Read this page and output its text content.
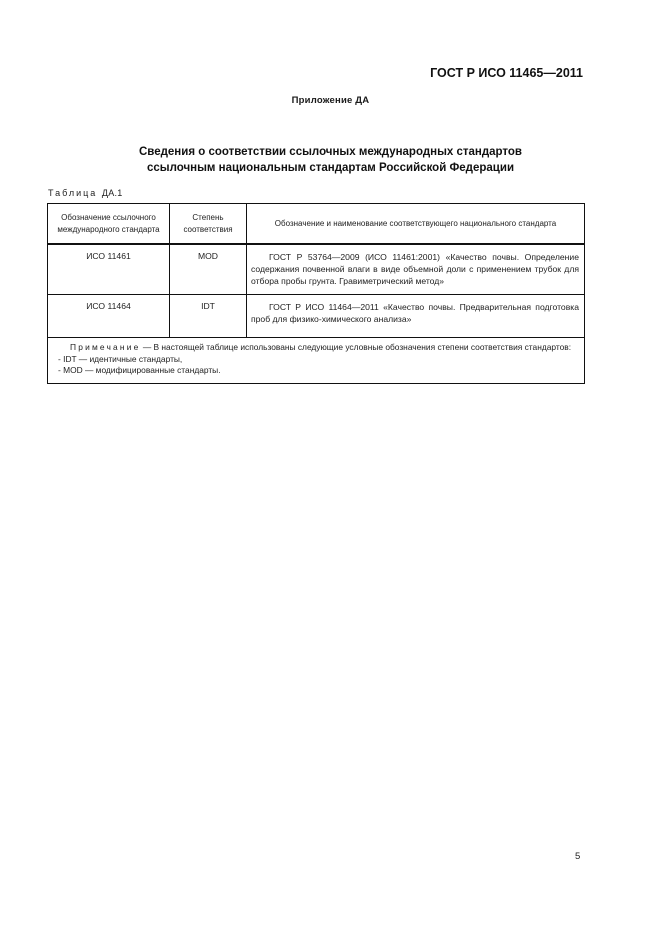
ГОСТ Р ИСО 11465—2011
Приложение ДА
Сведения о соответствии ссылочных международных стандартов
ссылочным национальным стандартам Российской Федерации
Таблица ДА.1
Обозначение ссылочного международного стандарта	Степень соответствия	Обозначение и наименование соответствующего национального стандарта
ИСО 11461	MOD	ГОСТ Р 53764—2009 (ИСО 11461:2001) «Качество почвы. Определение содержания почвенной влаги в виде объемной доли с применением трубок для отбора пробы грунта. Гравиметрический метод»
ИСО 11464	IDT	ГОСТ Р ИСО 11464—2011 «Качество почвы. Предварительная подготовка проб для физико-химического анализа»
Примечание — В настоящей таблице использованы следующие условные обозначения степени соответствия стандартов:
- IDT — идентичные стандарты,
- MOD — модифицированные стандарты.		
5
